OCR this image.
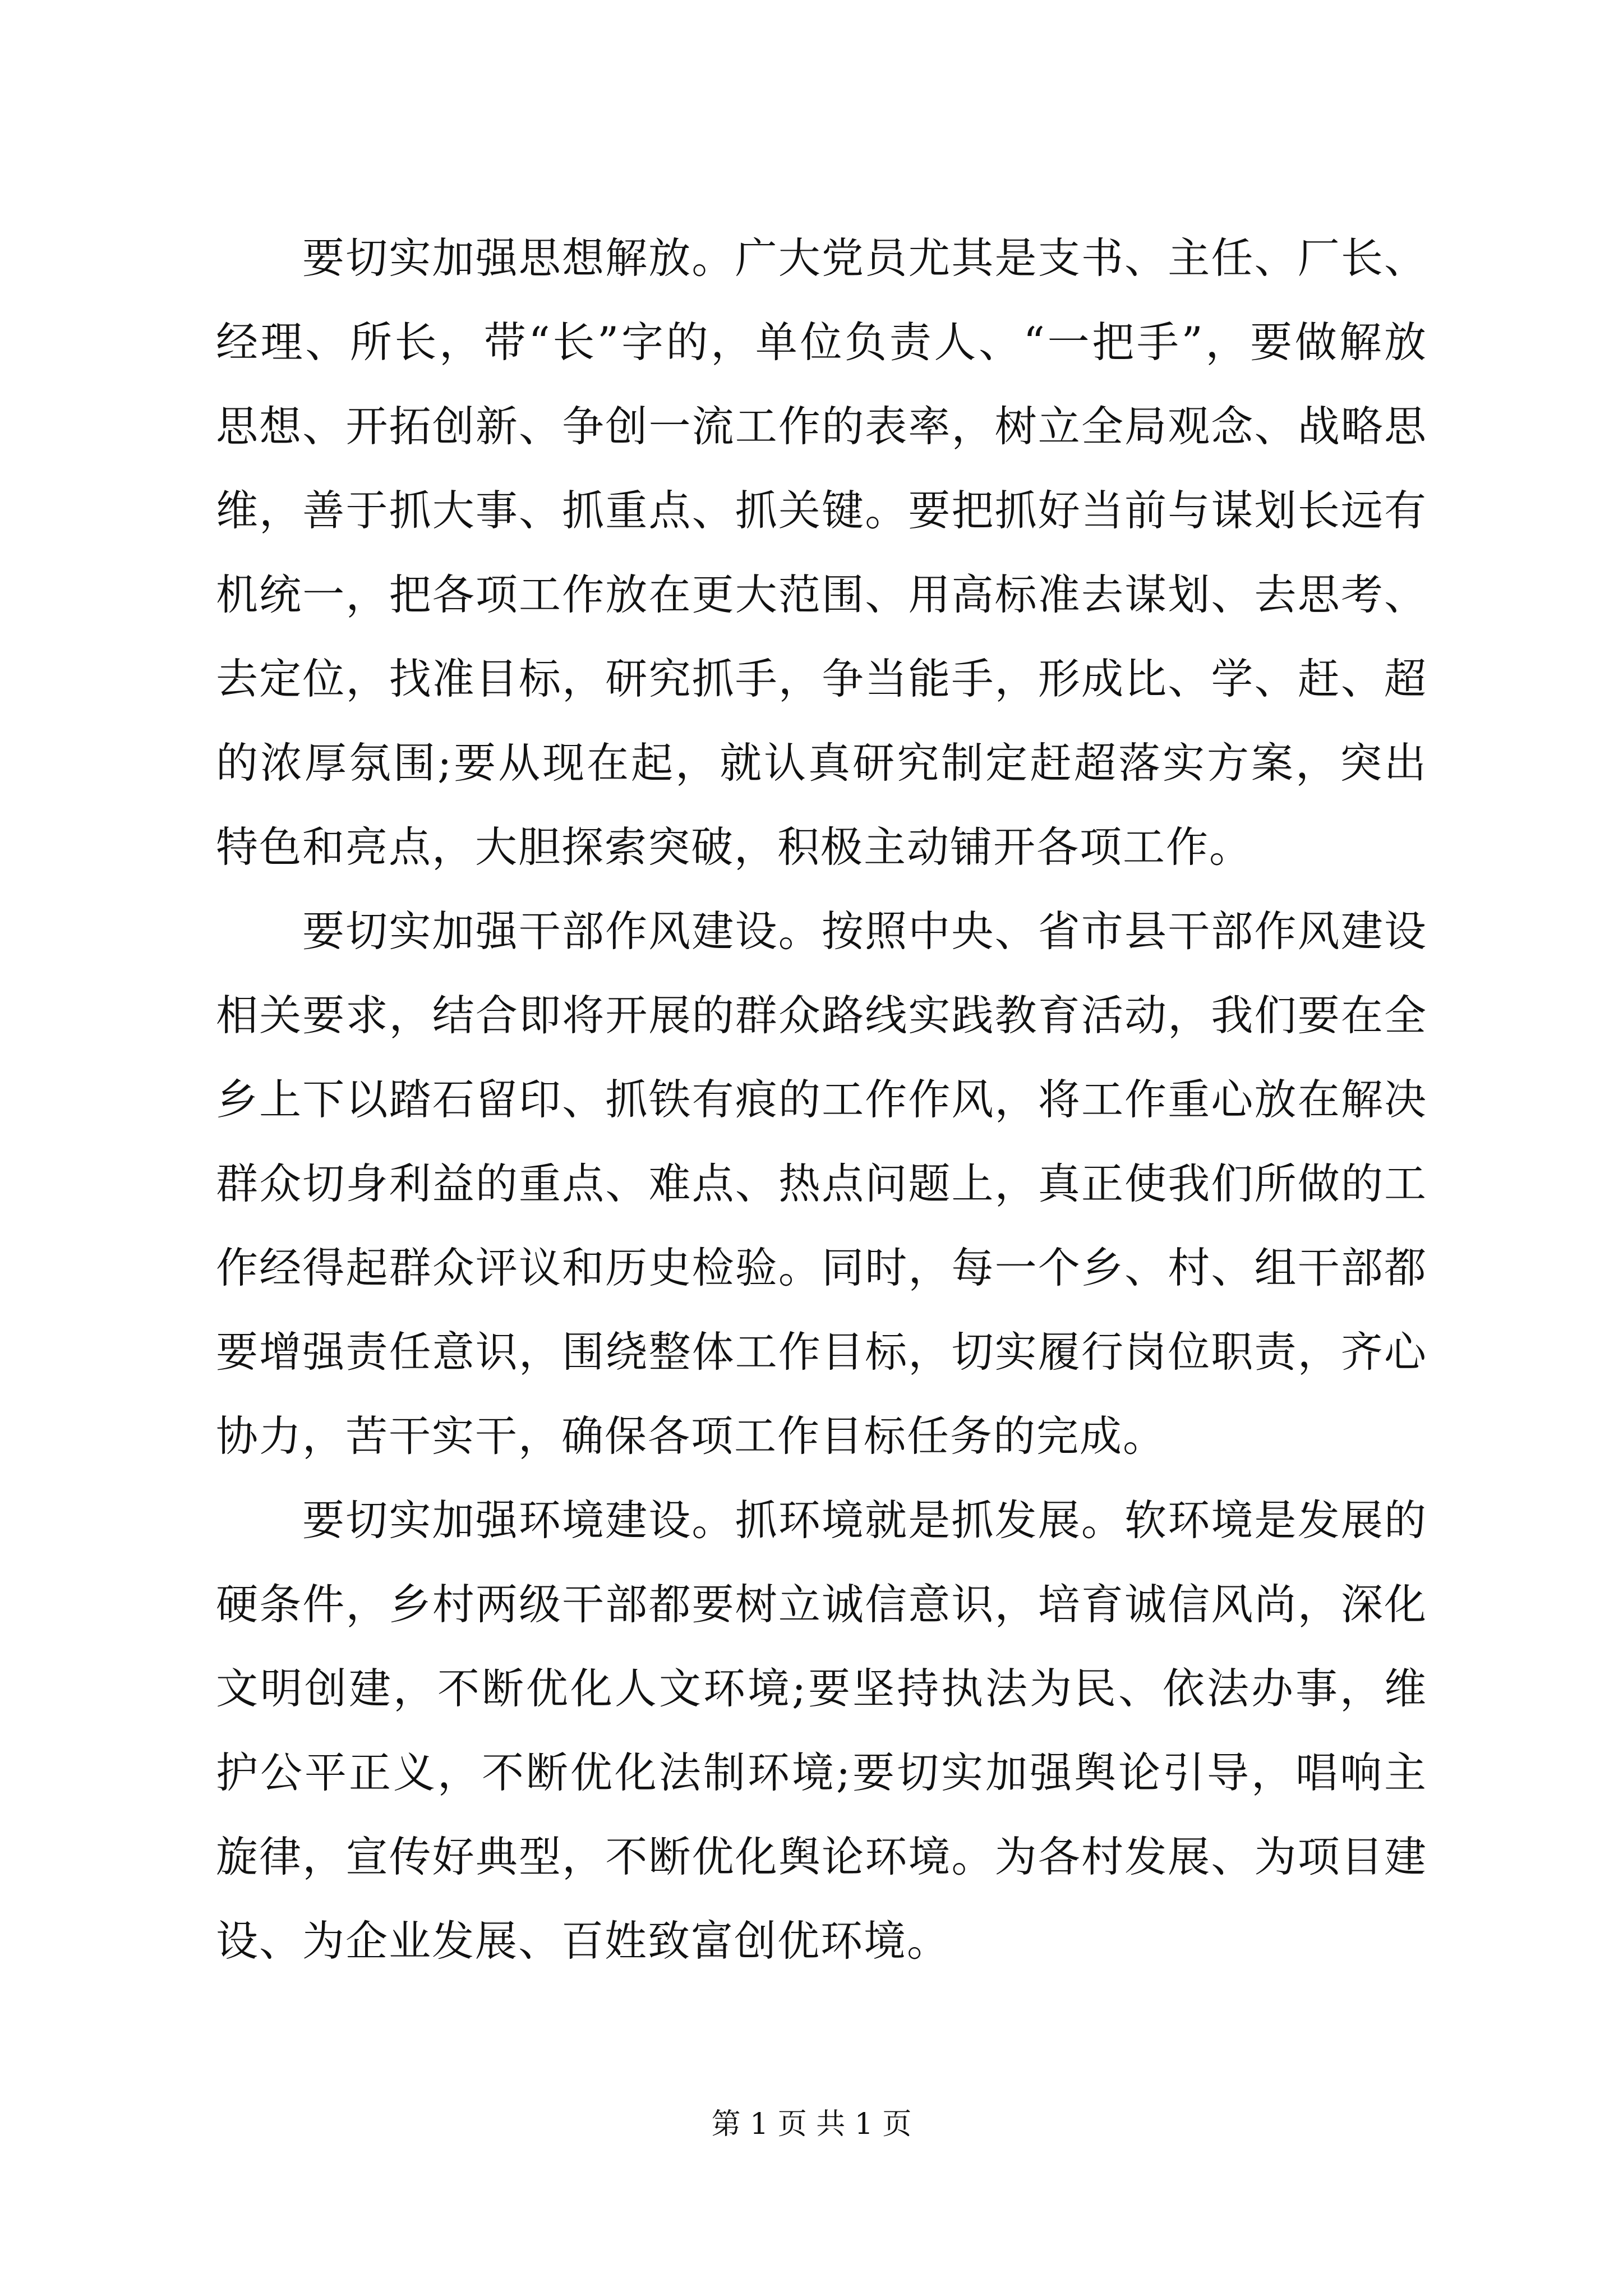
要切实加强思想解放。广大党员尤其是支书、主任、厂长、经理、所长，带“长”字的，单位负责人、“一把手”，要做解放思想、开拓创新、争创一流工作的表率，树立全局观念、战略思维，善于抓大事、抓重点、抓关键。要把抓好当前与谋划长远有机统一，把各项工作放在更大范围、用高标准去谋划、去思考、去定位，找准目标，研究抓手，争当能手，形成比、学、赶、超的浓厚氛围;要从现在起，就认真研究制定赶超落实方案，突出特色和亮点，大胆探索突破，积极主动铺开各项工作。

要切实加强干部作风建设。按照中央、省市县干部作风建设相关要求，结合即将开展的群众路线实践教育活动，我们要在全乡上下以踏石留印、抓铁有痕的工作作风，将工作重心放在解决群众切身利益的重点、难点、热点问题上，真正使我们所做的工作经得起群众评议和历史检验。同时，每一个乡、村、组干部都要增强责任意识，围绕整体工作目标，切实履行岗位职责，齐心协力，苦干实干，确保各项工作目标任务的完成。

要切实加强环境建设。抓环境就是抓发展。软环境是发展的硬条件，乡村两级干部都要树立诚信意识，培育诚信风尚，深化文明创建，不断优化人文环境;要坚持执法为民、依法办事，维护公平正义，不断优化法制环境;要切实加强舆论引导，唱响主旋律，宣传好典型，不断优化舆论环境。为各村发展、为项目建设、为企业发展、百姓致富创优环境。

第 1 页 共 1 页
